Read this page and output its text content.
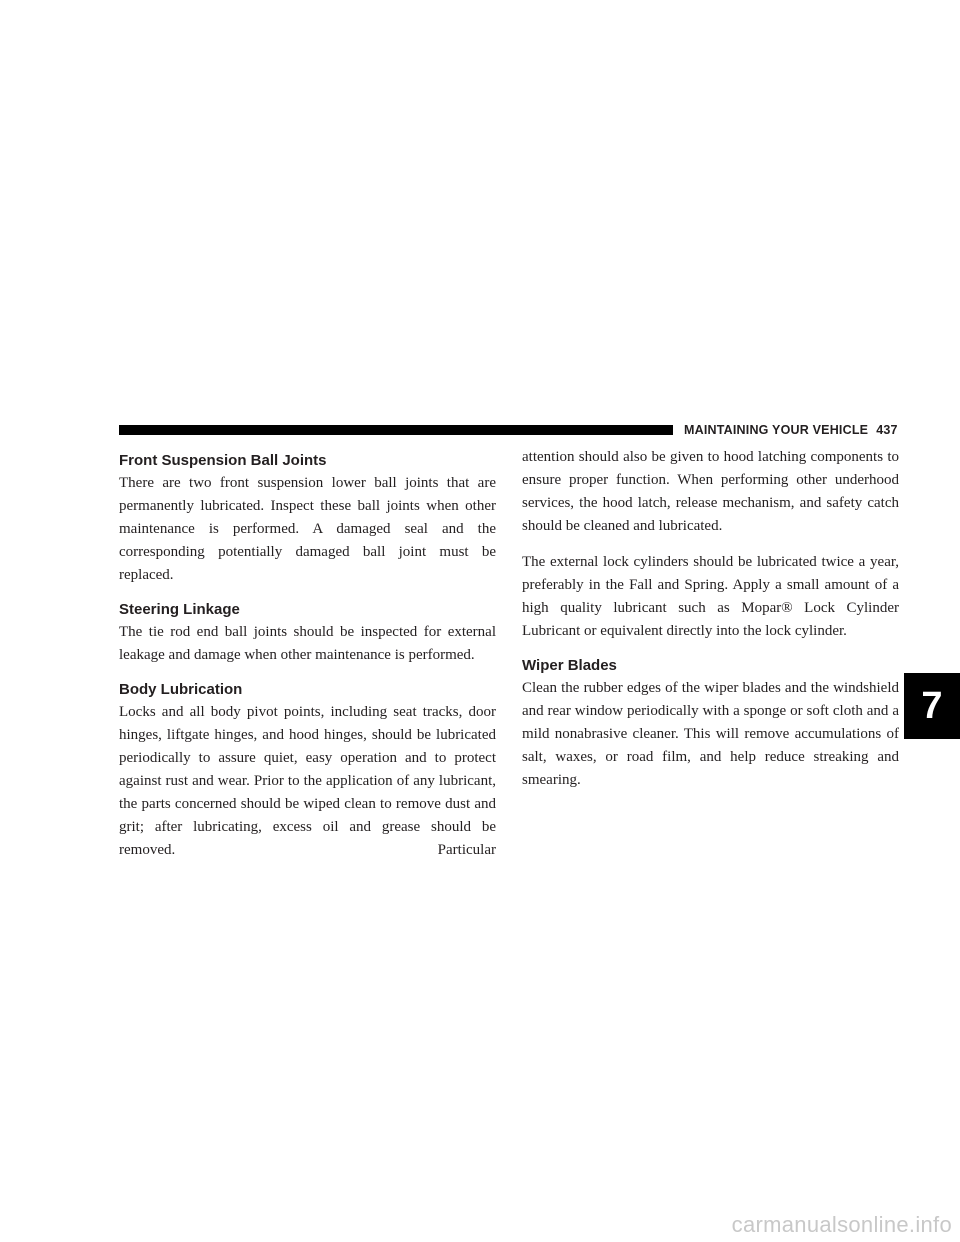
MAINTAINING YOUR VEHICLE 437
Front Suspension Ball Joints

There are two front suspension lower ball joints that are permanently lubricated. Inspect these ball joints when other maintenance is performed. A damaged seal and the corresponding potentially damaged ball joint must be replaced.

Steering Linkage

The tie rod end ball joints should be inspected for external leakage and damage when other maintenance is performed.

Body Lubrication

Locks and all body pivot points, including seat tracks, door hinges, liftgate hinges, and hood hinges, should be lubricated periodically to assure quiet, easy operation and to protect against rust and wear. Prior to the application of any lubricant, the parts concerned should be wiped clean to remove dust and grit; after lubricating, excess oil and grease should be removed. Particular

attention should also be given to hood latching components to ensure proper function. When performing other underhood services, the hood latch, release mechanism, and safety catch should be cleaned and lubricated.

The external lock cylinders should be lubricated twice a year, preferably in the Fall and Spring. Apply a small amount of a high quality lubricant such as Mopar® Lock Cylinder Lubricant or equivalent directly into the lock cylinder.

Wiper Blades

Clean the rubber edges of the wiper blades and the windshield and rear window periodically with a sponge or soft cloth and a mild nonabrasive cleaner. This will remove accumulations of salt, waxes, or road film, and help reduce streaking and smearing.

7
carmanualsonline.info
